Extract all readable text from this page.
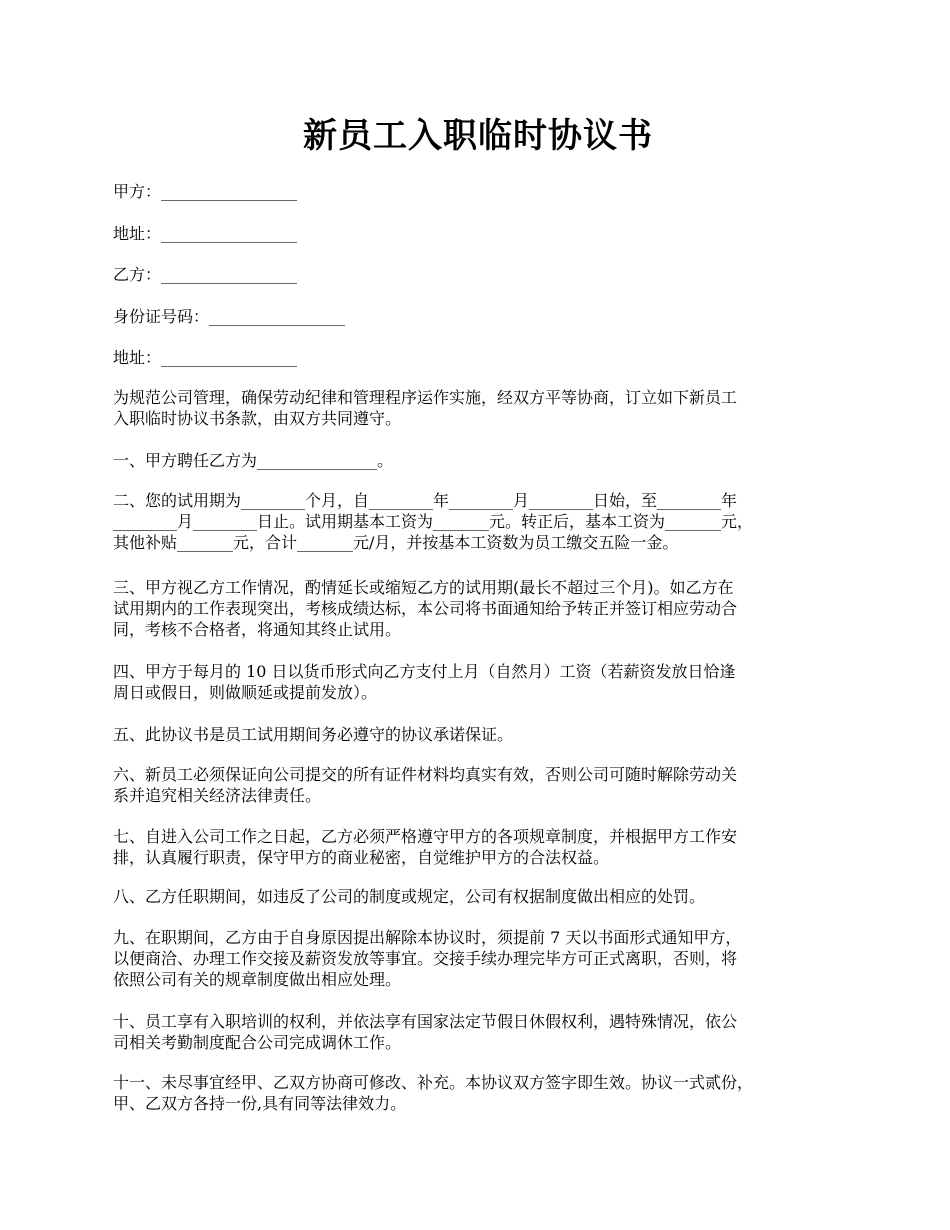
新员工入职临时协议书
甲方：_________________
地址：_________________
乙方：_________________
身份证号码：_________________
地址：_________________
为规范公司管理，确保劳动纪律和管理程序运作实施，经双方平等协商，订立如下新员工
入职临时协议书条款，由双方共同遵守。
一、甲方聘任乙方为_______________。
二、您的试用期为________个月，自________年________月________日始，至________年
________月________日止。试用期基本工资为_______元。转正后，基本工资为_______元，
其他补贴_______元，合计_______元/月，并按基本工资数为员工缴交五险一金。
三、甲方视乙方工作情况，酌情延长或缩短乙方的试用期(最长不超过三个月)。如乙方在
试用期内的工作表现突出，考核成绩达标，本公司将书面通知给予转正并签订相应劳动合
同，考核不合格者，将通知其终止试用。
四、甲方于每月的 10 日以货币形式向乙方支付上月（自然月）工资（若薪资发放日恰逢
周日或假日，则做顺延或提前发放）。
五、此协议书是员工试用期间务必遵守的协议承诺保证。
六、新员工必须保证向公司提交的所有证件材料均真实有效，否则公司可随时解除劳动关
系并追究相关经济法律责任。
七、自进入公司工作之日起，乙方必须严格遵守甲方的各项规章制度，并根据甲方工作安
排，认真履行职责，保守甲方的商业秘密，自觉维护甲方的合法权益。
八、乙方任职期间，如违反了公司的制度或规定，公司有权据制度做出相应的处罚。
九、在职期间，乙方由于自身原因提出解除本协议时，须提前 7 天以书面形式通知甲方，
以便商洽、办理工作交接及薪资发放等事宜。交接手续办理完毕方可正式离职，否则，将
依照公司有关的规章制度做出相应处理。
十、员工享有入职培训的权利，并依法享有国家法定节假日休假权利，遇特殊情况，依公
司相关考勤制度配合公司完成调休工作。
十一、未尽事宜经甲、乙双方协商可修改、补充。本协议双方签字即生效。协议一式贰份，
甲、乙双方各持一份,具有同等法律效力。
